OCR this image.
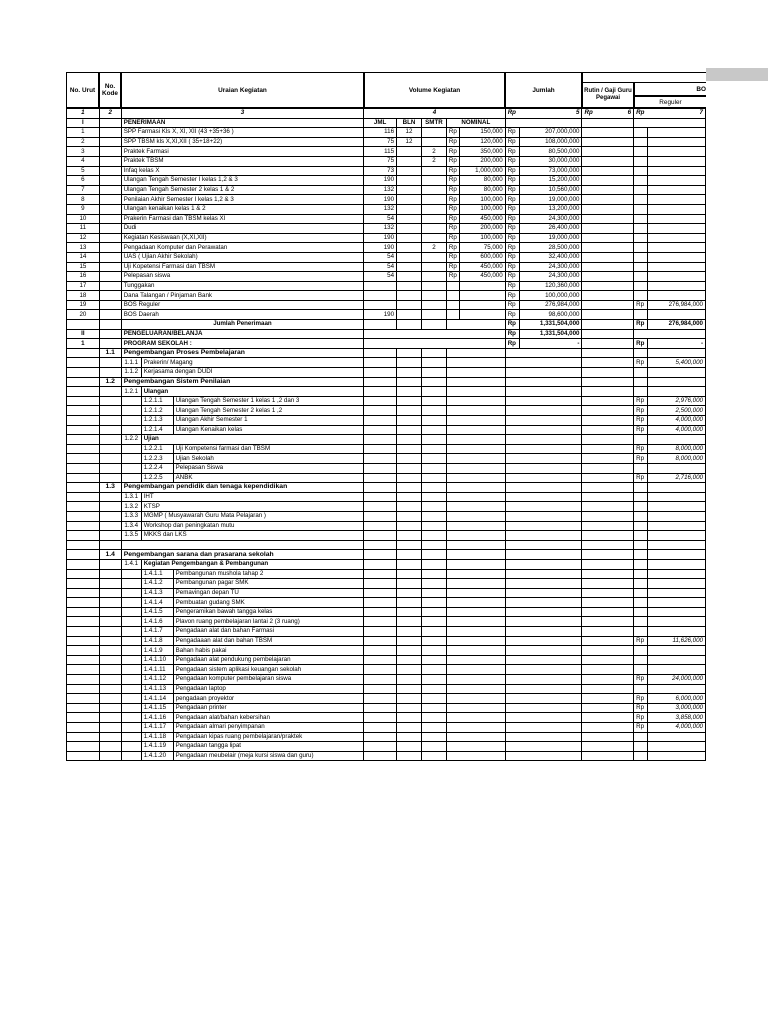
No. Urut	No. Kode	Uraian Kegiatan	Volume Kegiatan	Jumlah	Rutin / Gaji Guru Pegawai
BO
Reguler
1	2	3			4					Rp 5		Rp 6	Rp 7	

I		PENERIMAAN			JML	BLN	SMTR	NOMINAL						
1		SPP Farmasi Kls X, XI, XII (43 +35+36 )			116	12		Rp	150,000	Rp	207,000,000			
2		SPP TBSM kls X,XI,XII ( 35+18+22)			75	12		Rp	120,000	Rp	108,000,000			
3		Praktek Farmasi			115		2	Rp	350,000	Rp	80,500,000			
4		Praktek TBSM			75		2	Rp	200,000	Rp	30,000,000			
5		Infaq kelas X			73			Rp	1,000,000	Rp	73,000,000			
6		Ulangan Tengah Semester I kelas 1,2 & 3			190			Rp	80,000	Rp	15,200,000			
7		Ulangan Tengah Semester 2 kelas 1 & 2			132			Rp	80,000	Rp	10,560,000			
8		Penilaian Akhir Semester I kelas 1,2 & 3			190			Rp	100,000	Rp	19,000,000			
9		Ulangan kenaikan kelas 1 & 2			132			Rp	100,000	Rp	13,200,000			
10		Prakerin Farmasi dan TBSM kelas XI			54			Rp	450,000	Rp	24,300,000			
11		Dudi			132			Rp	200,000	Rp	26,400,000			
12		Kegiatan Kesiswaan (X,XI,XII)			190			Rp	100,000	Rp	19,000,000			
13		Pengadaan Komputer dan Perawatan			190		2	Rp	75,000	Rp	28,500,000			
14		UAS ( Ujian Akhir Sekolah)			54			Rp	600,000	Rp	32,400,000			
15		Uji Kopetensi Farmasi dan TBSM			54			Rp	450,000	Rp	24,300,000			
16		Pelepasan siswa			54			Rp	450,000	Rp	24,300,000			
17		Tunggakan								Rp	120,360,000			
18		Dana Talangan / Pinjaman Bank								Rp	100,000,000			
19		BOS Reguler								Rp	276,984,000		Rp	276,984,000
20		BOS Daerah			190					Rp	98,600,000			
		Jumlah Penerimaan								Rp	1,331,504,000		Rp	276,984,000
II		PENGELUARAN/BELANJA								Rp	1,331,504,000			
1		PROGRAM SEKOLAH :								Rp	-		Rp	-
	1.1	Pengembangan Proses Pembelajaran												
		1.1.1	Prakerin/ Magang										Rp	5,400,000
		1.1.2	Kerjasama dengan DUDI											
	1.2	Pengembangan Sistem Penilaian												
		1.2.1	Ulangan											
			1.2.1.1	Ulangan Tengah Semester 1 kelas 1 ,2 dan 3									Rp	2,976,000
			1.2.1.2	Ulangan Tengah Semester 2 kelas 1 ,2									Rp	2,500,000
			1.2.1.3	Ulangan Akhir Semester 1									Rp	4,000,000
			1.2.1.4	Ulangan Kenaikan kelas									Rp	4,000,000
		1.2.2	Ujian											
			1.2.2.1	Uji Kompetensi farmasi dan TBSM									Rp	8,000,000
			1.2.2.3	Ujian Sekolah									Rp	8,000,000
			1.2.2.4	Pelepasan Siswa										
			1.2.2.5	ANBK									Rp	2,716,000
	1.3	Pengembangan pendidik dan tenaga kependidikan												
		1.3.1	IHT											
		1.3.2	KTSP											
		1.3.3	MGMP ( Musyawarah Guru Mata Pelajaran )											
		1.3.4	Workshop dan peningkatan mutu											
		1.3.5	MKKS dan LKS											

	1.4	Pengembangan sarana dan prasarana sekolah												
		1.4.1	Kegiatan Pengembangan & Pembangunan											
			1.4.1.1	Pembangunan mushola tahap 2										
			1.4.1.2	Pembangunan pagar SMK										
			1.4.1.3	Pemavingan depan TU										
			1.4.1.4	Pembuatan gudang SMK										
			1.4.1.5	Pengeramikan bawah tangga kelas										
			1.4.1.6	Plavon ruang pembelajaran lantai 2 (3 ruang)										
			1.4.1.7	Pengadaan alat dan bahan Farmasi										
			1.4.1.8	Pengadaaan alat dan bahan TBSM									Rp	11,626,000
			1.4.1.9	Bahan habis pakai										
			1.4.1.10	Pengadaan alat pendukung pembelajaran										
			1.4.1.11	Pengadaan sistem aplikasi keuangan sekolah										
			1.4.1.12	Pengadaan komputer pembelajaran siswa									Rp	24,000,000
			1.4.1.13	Pengadaan laptop										
			1.4.1.14	pengadaan proyektor									Rp	6,000,000
			1.4.1.15	Pengadaan printer									Rp	3,000,000
			1.4.1.16	Pengadaan alat/bahan kebersihan									Rp	3,858,000
			1.4.1.17	Pengadaan almari penyimpanan									Rp	4,000,000
			1.4.1.18	Pengadaan kipas ruang pembelajaran/praktek										
			1.4.1.19	Pengadaan tangga lipat										
			1.4.1.20	Pengadaan meubelair (meja kursi siswa dan guru)										
